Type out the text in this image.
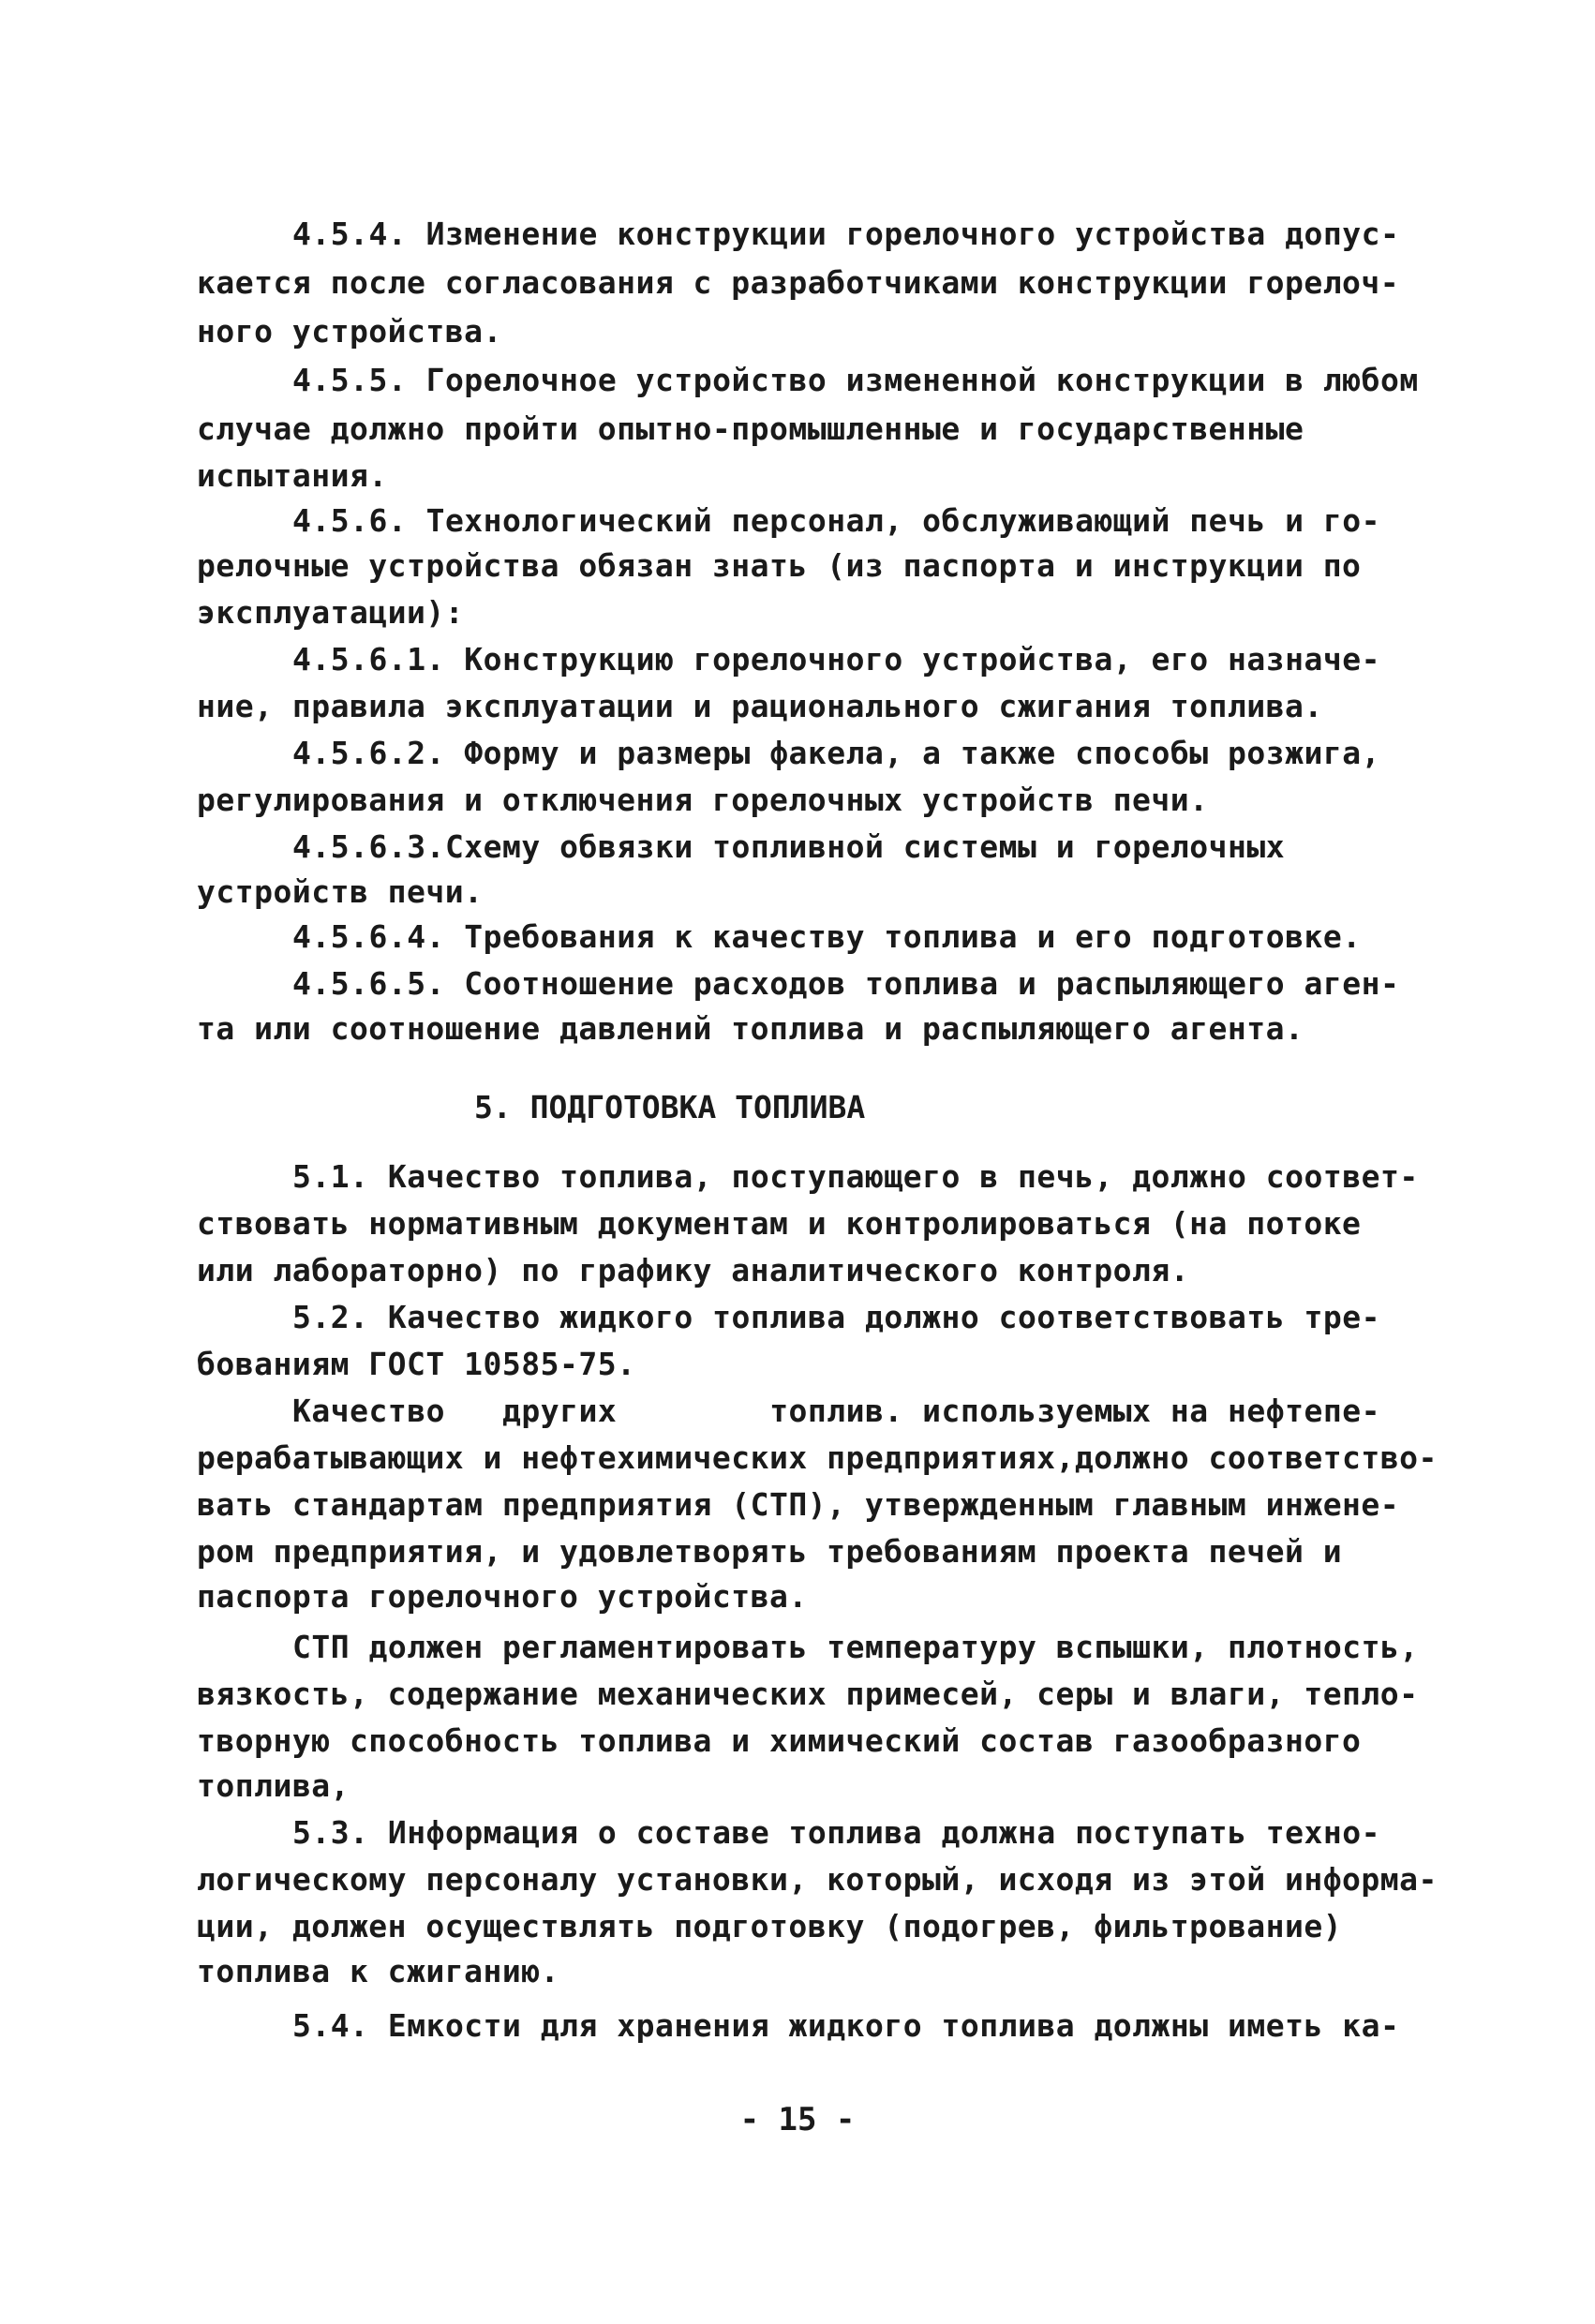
4.5.4. Изменение конструкции горелочного устройства допус-
кается после согласования с разработчиками конструкции горелоч-
ного устройства.
4.5.5. Горелочное устройство измененной конструкции в любом
случае должно пройти опытно-промышленные и государственные
испытания.
4.5.6. Технологический персонал, обслуживающий печь и го-
релочные устройства обязан знать (из паспорта и инструкции по
эксплуатации):
4.5.6.1. Конструкцию горелочного устройства, его назначе-
ние, правила эксплуатации и рационального сжигания топлива.
4.5.6.2. Форму и размеры факела, а также способы розжига,
регулирования и отключения горелочных устройств печи.
4.5.6.3.Схему обвязки топливной системы и горелочных
устройств печи.
4.5.6.4. Требования к качеству топлива и его подготовке.
4.5.6.5. Соотношение расходов топлива и распыляющего аген-
та или соотношение давлений топлива и распыляющего агента.
5. ПОДГОТОВКА ТОПЛИВА
5.1. Качество топлива, поступающего в печь, должно соответ-
ствовать нормативным документам и контролироваться (на потоке
или лабораторно) по графику аналитического контроля.
5.2. Качество жидкого топлива должно соответствовать тре-
бованиям ГОСТ 10585-75.
Качество   других        топлив. используемых на нефтепе-
рерабатывающих и нефтехимических предприятиях,должно соответство-
вать стандартам предприятия (СТП), утвержденным главным инжене-
ром предприятия, и удовлетворять требованиям проекта печей и
паспорта горелочного устройства.
СТП должен регламентировать температуру вспышки, плотность,
вязкость, содержание механических примесей, серы и влаги, тепло-
творную способность топлива и химический состав газообразного
топлива,
5.3. Информация о составе топлива должна поступать техно-
логическому персоналу установки, который, исходя из этой информа-
ции, должен осуществлять подготовку (подогрев, фильтрование)
топлива к сжиганию.
5.4. Емкости для хранения жидкого топлива должны иметь ка-
- 15 -
